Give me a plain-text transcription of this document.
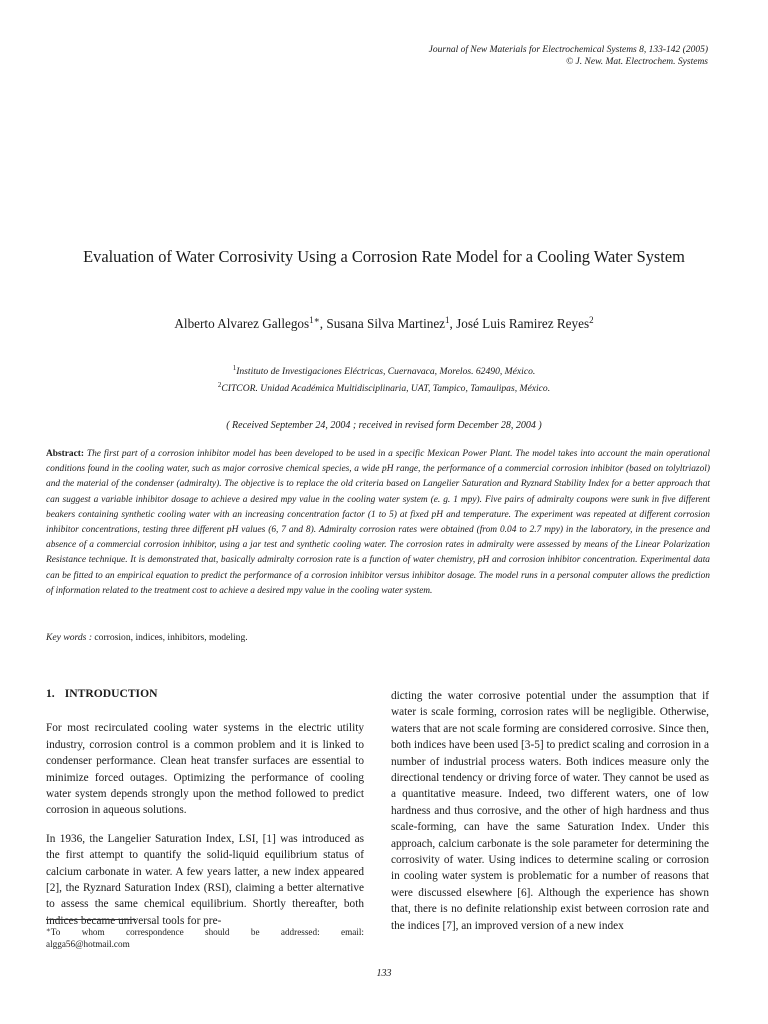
Journal of New Materials for Electrochemical Systems 8, 133-142 (2005)
© J. New. Mat. Electrochem. Systems
Evaluation of Water Corrosivity Using a Corrosion Rate Model for a Cooling Water System
Alberto Alvarez Gallegos$^{1∗}$, Susana Silva Martinez$^1$, José Luis Ramirez Reyes$^2$
$^1$Instituto de Investigaciones Eléctricas, Cuernavaca, Morelos. 62490, México.
$^2$CITCOR. Unidad Académica Multidisciplinaria, UAT, Tampico, Tamaulipas, México.
( Received September 24, 2004 ; received in revised form December 28, 2004 )
Abstract: The first part of a corrosion inhibitor model has been developed to be used in a specific Mexican Power Plant. The model takes into account the main operational conditions found in the cooling water, such as major corrosive chemical species, a wide pH range, the performance of a commercial corrosion inhibitor (based on tolyltriazol) and the material of the condenser (admiralty). The objective is to replace the old criteria based on Langelier Saturation and Ryznard Stability Index for a better approach that can suggest a variable inhibitor dosage to achieve a desired mpy value in the cooling water system (e. g. 1 mpy). Five pairs of admiralty coupons were sunk in five different beakers containing synthetic cooling water with an increasing concentration factor (1 to 5) at fixed pH and temperature. The experiment was repeated at different corrosion inhibitor concentrations, testing three different pH values (6, 7 and 8). Admiralty corrosion rates were obtained (from 0.04 to 2.7 mpy) in the laboratory, in the presence and absence of a commercial corrosion inhibitor, using a jar test and synthetic cooling water. The corrosion rates in admiralty were assessed by means of the Linear Polarization Resistance technique. It is demonstrated that, basically admiralty corrosion rate is a function of water chemistry, pH and corrosion inhibitor concentration. Experimental data can be fitted to an empirical equation to predict the performance of a corrosion inhibitor versus inhibitor dosage. The model runs in a personal computer allows the prediction of information related to the treatment cost to achieve a desired mpy value in the cooling water system.
Key words : corrosion, indices, inhibitors, modeling.
1. INTRODUCTION

For most recirculated cooling water systems in the electric utility industry, corrosion control is a common problem and it is linked to condenser performance. Clean heat transfer surfaces are essential to minimize forced outages. Optimizing the performance of cooling water system depends strongly upon the method followed to predict corrosion in aqueous solutions.

In 1936, the Langelier Saturation Index, LSI, [1] was introduced as the first attempt to quantify the solid-liquid equilibrium status of calcium carbonate in water. A few years latter, a new index appeared [2], the Ryznard Saturation Index (RSI), claiming a better alternative to assess the same chemical equilibrium. Shortly thereafter, both indices became universal tools for pre-

dicting the water corrosive potential under the assumption that if water is scale forming, corrosion rates will be negligible. Otherwise, waters that are not scale forming are considered corrosive. Since then, both indices have been used [3-5] to predict scaling and corrosion in a number of industrial process waters. Both indices measure only the directional tendency or driving force of water. They cannot be used as a quantitative measure. Indeed, two different waters, one of low hardness and thus corrosive, and the other of high hardness and thus scale-forming, can have the same Saturation Index. Under this approach, calcium carbonate is the sole parameter for determining the corrosivity of water. Using indices to determine scaling or corrosion in cooling water system is problematic for a number of reasons that were discussed elsewhere [6]. Although the experience has shown that, there is no definite relationship exist between corrosion rate and the indices [7], an improved version of a new index

∗To whom correspondence should be addressed: email:
algga56@hotmail.com
133
